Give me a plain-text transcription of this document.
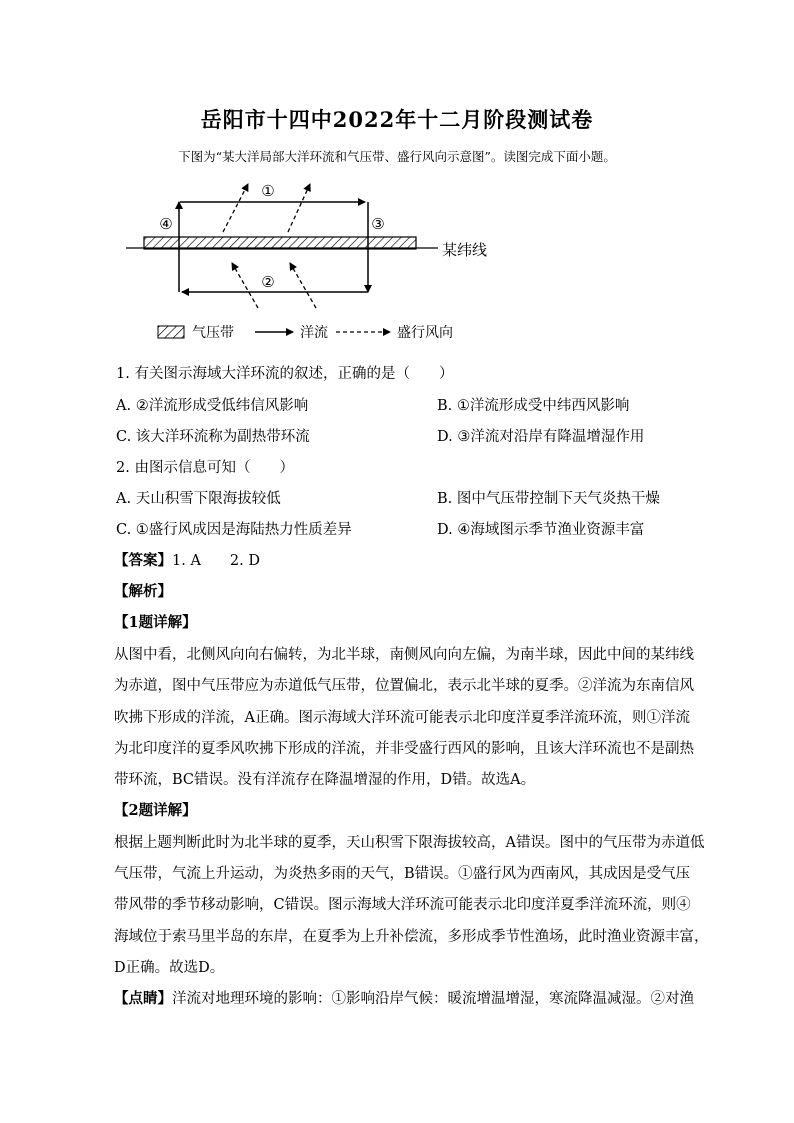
岳阳市十四中2022年十二月阶段测试卷
下图为“某大洋局部大洋环流和气压带、盛行风向示意图”。读图完成下面小题。
①
②
③
④
某纬线
气压带	洋流	盛行风向
1. 有关图示海域大洋环流的叙述，正确的是（　　）
A. ②洋流形成受低纬信风影响	B. ①洋流形成受中纬西风影响
C. 该大洋环流称为副热带环流	D. ③洋流对沿岸有降温增湿作用
2. 由图示信息可知（　　）
A. 天山积雪下限海拔较低	B. 图中气压带控制下天气炎热干燥
C. ①盛行风成因是海陆热力性质差异	D. ④海域图示季节渔业资源丰富
【答案】1. A　　2. D
【解析】
【1题详解】
从图中看，北侧风向向右偏转，为北半球，南侧风向向左偏，为南半球，因此中间的某纬线
为赤道，图中气压带应为赤道低气压带，位置偏北，表示北半球的夏季。②洋流为东南信风
吹拂下形成的洋流，A正确。图示海域大洋环流可能表示北印度洋夏季洋流环流，则①洋流
为北印度洋的夏季风吹拂下形成的洋流，并非受盛行西风的影响，且该大洋环流也不是副热
带环流，BC错误。没有洋流存在降温增湿的作用，D错。故选A。
【2题详解】
根据上题判断此时为北半球的夏季，天山积雪下限海拔较高，A错误。图中的气压带为赤道低
气压带，气流上升运动，为炎热多雨的天气，B错误。①盛行风为西南风，其成因是受气压
带风带的季节移动影响，C错误。图示海域大洋环流可能表示北印度洋夏季洋流环流，则④
海域位于索马里半岛的东岸，在夏季为上升补偿流，多形成季节性渔场，此时渔业资源丰富，
D正确。故选D。
【点睛】洋流对地理环境的影响：①影响沿岸气候：暖流增温增湿，寒流降温减湿。②对渔
